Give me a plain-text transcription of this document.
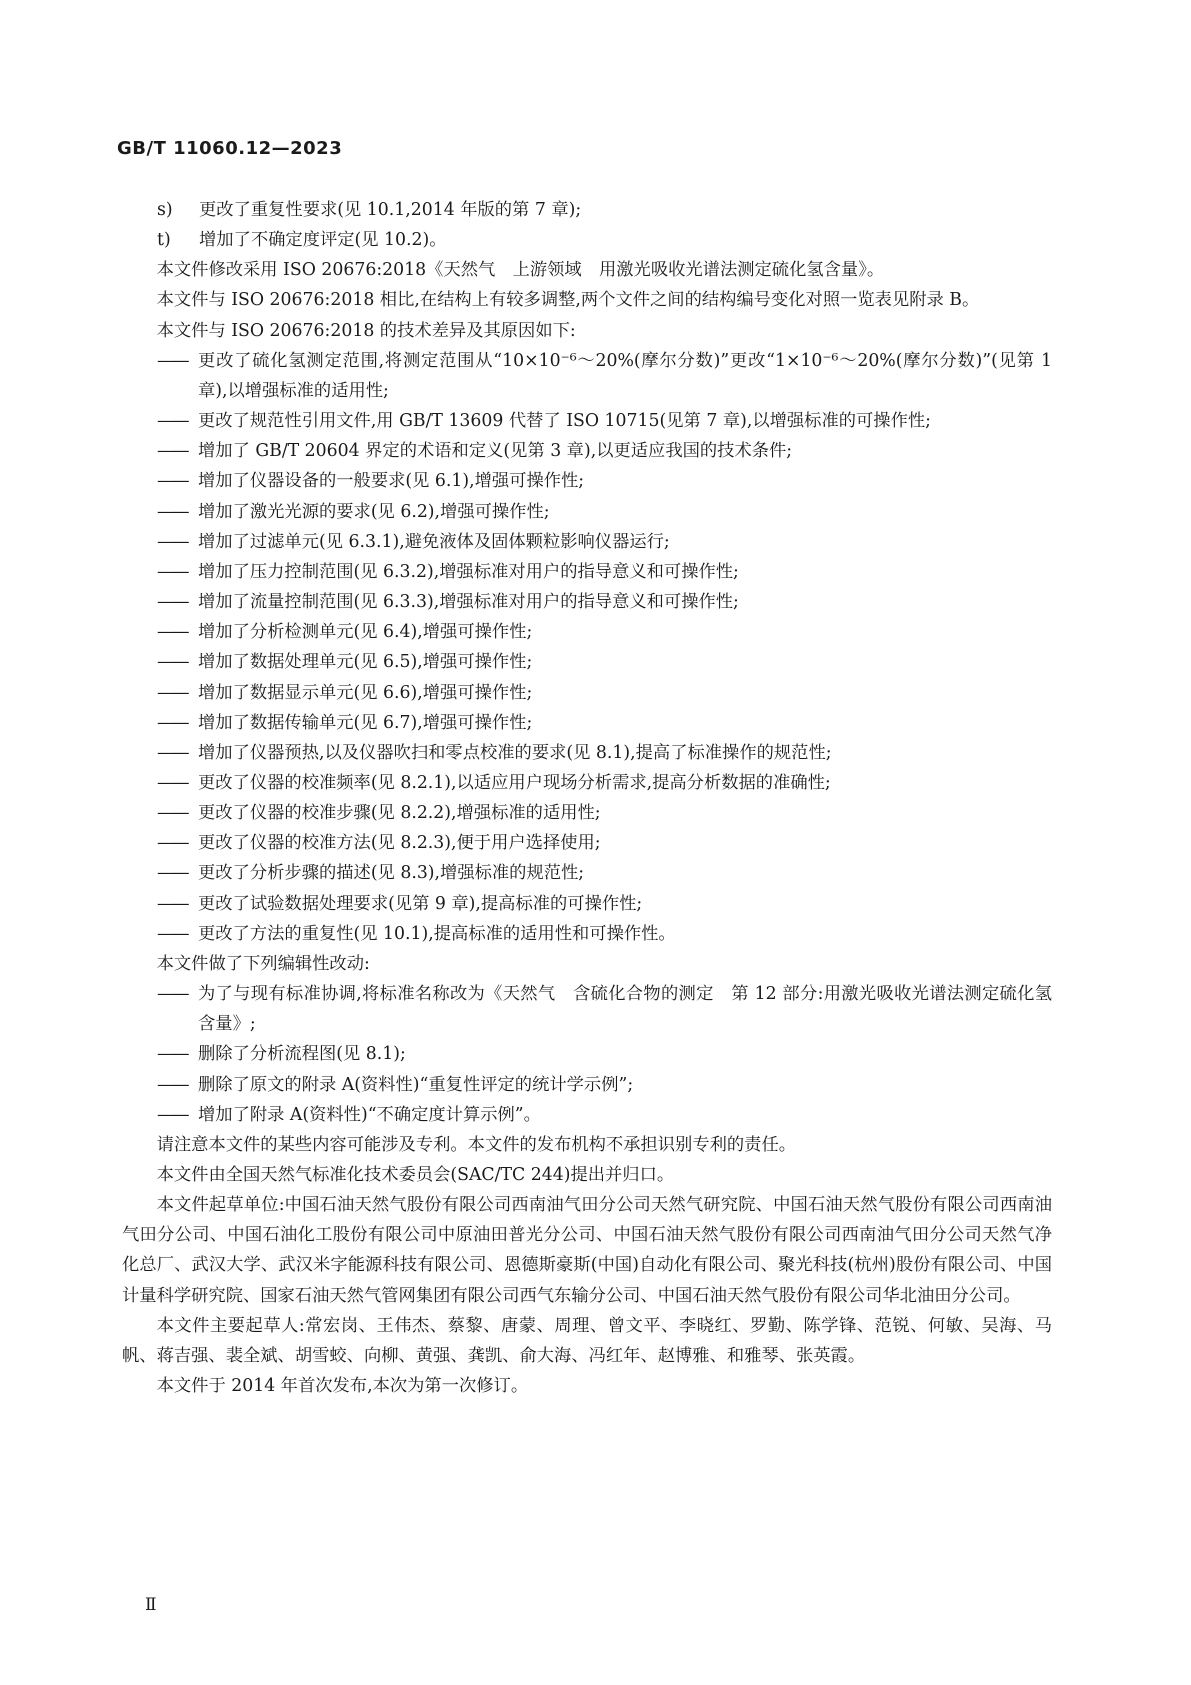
GB/T 11060.12—2023
s)	更改了重复性要求(见 10.1,2014 年版的第 7 章);
t)	增加了不确定度评定(见 10.2)。

本文件修改采用 ISO 20676:2018《天然气　上游领域　用激光吸收光谱法测定硫化氢含量》。

本文件与 ISO 20676:2018 相比,在结构上有较多调整,两个文件之间的结构编号变化对照一览表见附录 B。

本文件与 ISO 20676:2018 的技术差异及其原因如下:

—— 更改了硫化氢测定范围,将测定范围从“10×10⁻⁶～20%(摩尔分数)”更改“1×10⁻⁶～20%(摩尔分数)”(见第 1 章),以增强标准的适用性;
—— 更改了规范性引用文件,用 GB/T 13609 代替了 ISO 10715(见第 7 章),以增强标准的可操作性;
—— 增加了 GB/T 20604 界定的术语和定义(见第 3 章),以更适应我国的技术条件;
—— 增加了仪器设备的一般要求(见 6.1),增强可操作性;
—— 增加了激光光源的要求(见 6.2),增强可操作性;
—— 增加了过滤单元(见 6.3.1),避免液体及固体颗粒影响仪器运行;
—— 增加了压力控制范围(见 6.3.2),增强标准对用户的指导意义和可操作性;
—— 增加了流量控制范围(见 6.3.3),增强标准对用户的指导意义和可操作性;
—— 增加了分析检测单元(见 6.4),增强可操作性;
—— 增加了数据处理单元(见 6.5),增强可操作性;
—— 增加了数据显示单元(见 6.6),增强可操作性;
—— 增加了数据传输单元(见 6.7),增强可操作性;
—— 增加了仪器预热,以及仪器吹扫和零点校准的要求(见 8.1),提高了标准操作的规范性;
—— 更改了仪器的校准频率(见 8.2.1),以适应用户现场分析需求,提高分析数据的准确性;
—— 更改了仪器的校准步骤(见 8.2.2),增强标准的适用性;
—— 更改了仪器的校准方法(见 8.2.3),便于用户选择使用;
—— 更改了分析步骤的描述(见 8.3),增强标准的规范性;
—— 更改了试验数据处理要求(见第 9 章),提高标准的可操作性;
—— 更改了方法的重复性(见 10.1),提高标准的适用性和可操作性。

本文件做了下列编辑性改动:

—— 为了与现有标准协调,将标准名称改为《天然气　含硫化合物的测定　第 12 部分:用激光吸收光谱法测定硫化氢含量》;
—— 删除了分析流程图(见 8.1);
—— 删除了原文的附录 A(资料性)“重复性评定的统计学示例”;
—— 增加了附录 A(资料性)“不确定度计算示例”。

请注意本文件的某些内容可能涉及专利。本文件的发布机构不承担识别专利的责任。

本文件由全国天然气标准化技术委员会(SAC/TC 244)提出并归口。

本文件起草单位:中国石油天然气股份有限公司西南油气田分公司天然气研究院、中国石油天然气股份有限公司西南油气田分公司、中国石油化工股份有限公司中原油田普光分公司、中国石油天然气股份有限公司西南油气田分公司天然气净化总厂、武汉大学、武汉米字能源科技有限公司、恩德斯豪斯(中国)自动化有限公司、聚光科技(杭州)股份有限公司、中国计量科学研究院、国家石油天然气管网集团有限公司西气东输分公司、中国石油天然气股份有限公司华北油田分公司。

本文件主要起草人:常宏岗、王伟杰、蔡黎、唐蒙、周理、曾文平、李晓红、罗勤、陈学锋、范锐、何敏、吴海、马帆、蒋吉强、裴全斌、胡雪蛟、向柳、黄强、龚凯、俞大海、冯红年、赵博雅、和雅琴、张英霞。

本文件于 2014 年首次发布,本次为第一次修订。

Ⅱ
